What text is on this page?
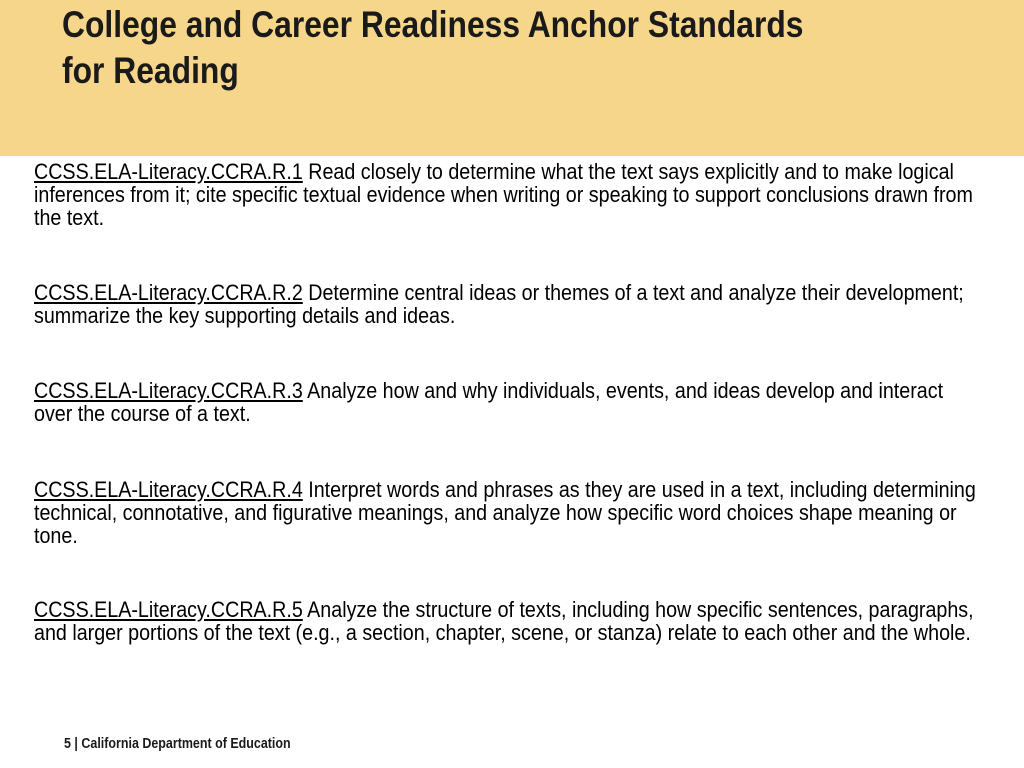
College and Career Readiness Anchor Standards
for Reading

CCSS.ELA-Literacy.CCRA.R.1 Read closely to determine what the text says explicitly and to make logical inferences from it; cite specific textual evidence when writing or speaking to support conclusions drawn from the text.

CCSS.ELA-Literacy.CCRA.R.2 Determine central ideas or themes of a text and analyze their development; summarize the key supporting details and ideas.

CCSS.ELA-Literacy.CCRA.R.3 Analyze how and why individuals, events, and ideas develop and interact over the course of a text.

CCSS.ELA-Literacy.CCRA.R.4 Interpret words and phrases as they are used in a text, including determining technical, connotative, and figurative meanings, and analyze how specific word choices shape meaning or tone.

CCSS.ELA-Literacy.CCRA.R.5 Analyze the structure of texts, including how specific sentences, paragraphs, and larger portions of the text (e.g., a section, chapter, scene, or stanza) relate to each other and the whole.

5 | California Department of Education
